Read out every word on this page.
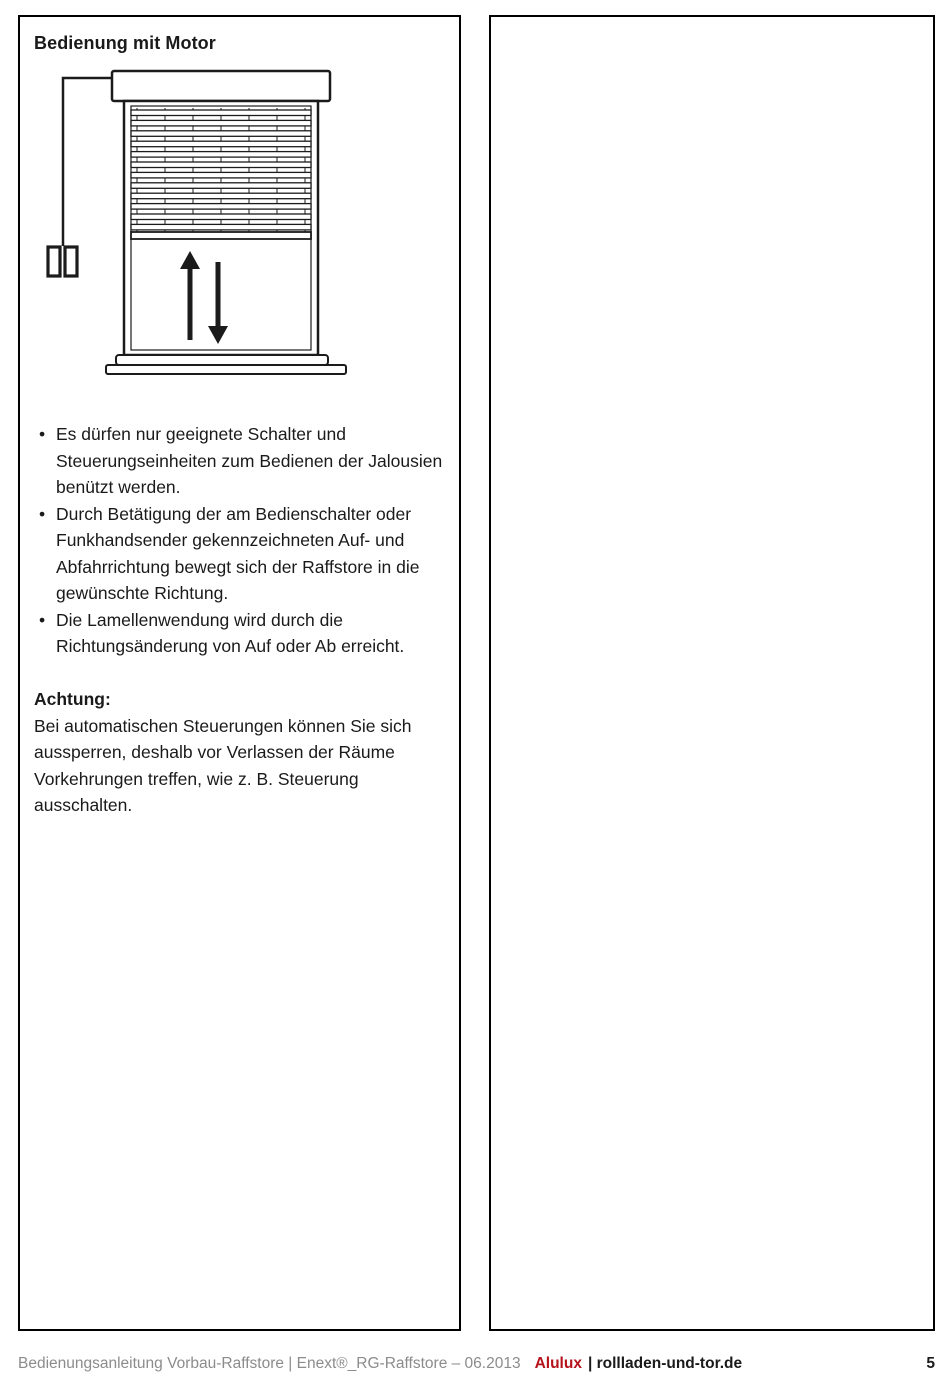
Bedienung mit Motor
• Es dürfen nur geeignete Schalter und Steuerungseinheiten zum Bedienen der Jalousien benützt werden.
• Durch Betätigung der am Bedienschalter oder Funkhandsender gekennzeichneten Auf- und Abfahrrichtung bewegt sich der Raffstore in die gewünschte Richtung.
• Die Lamellenwendung wird durch die Richtungsänderung von Auf oder Ab erreicht.
Achtung:
Bei automatischen Steuerungen können Sie sich aussperren, deshalb vor Verlassen der Räume Vorkehrungen treffen, wie z. B. Steuerung ausschalten.
Bedienungsanleitung Vorbau-Raffstore | Enext®_RG-Raffstore – 06.2013 Alulux | rollladen-und-tor.de	5
